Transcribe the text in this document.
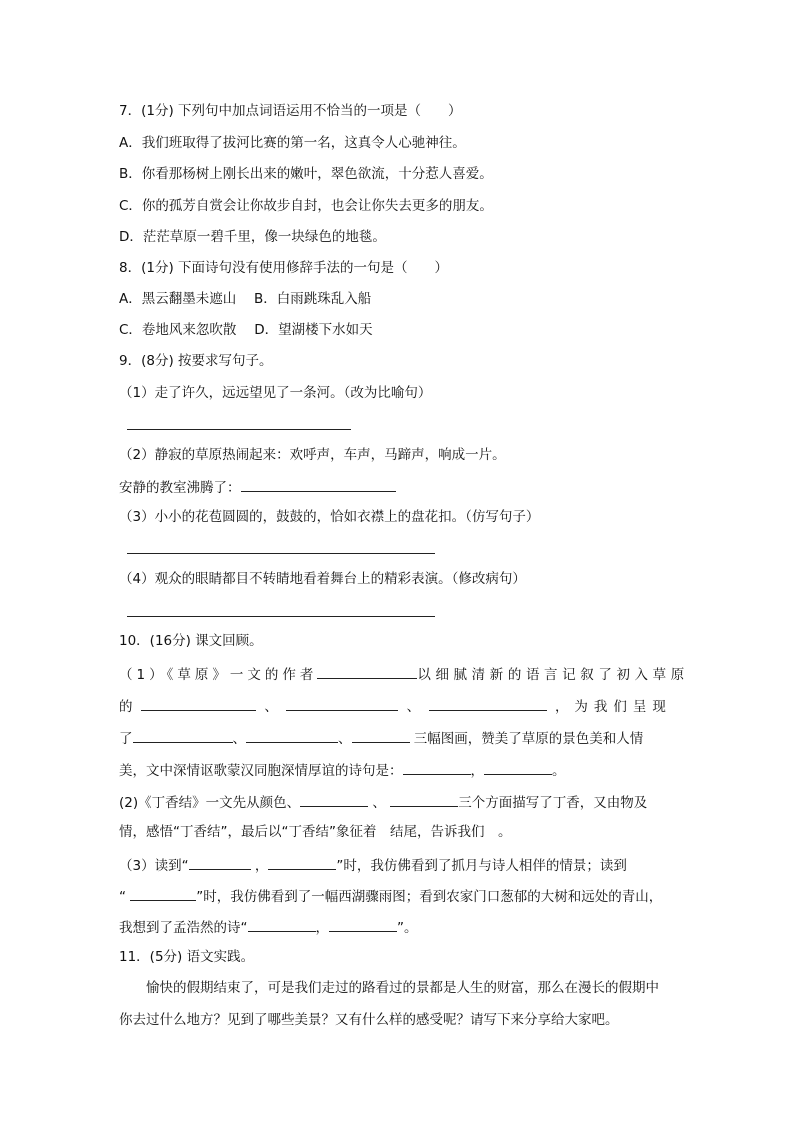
7．(1分) 下列句中加点词语运用不恰当的一项是（　　）
A．我们班取得了拔河比赛的第一名，这真令人心驰神往。
B．你看那杨树上刚长出来的嫩叶，翠色欲流，十分惹人喜爱。
C．你的孤芳自赏会让你故步自封，也会让你失去更多的朋友。
D．茫茫草原一碧千里，像一块绿色的地毯。
8．(1分) 下面诗句没有使用修辞手法的一句是（　　）
A．黑云翻墨未遮山　 B．白雨跳珠乱入船
C．卷地风来忽吹散　 D．望湖楼下水如天
9．(8分) 按要求写句子。
（1）走了许久，远远望见了一条河。（改为比喻句）
（2）静寂的草原热闹起来：欢呼声，车声，马蹄声，响成一片。
安静的教室沸腾了：
（3）小小的花苞圆圆的，鼓鼓的，恰如衣襟上的盘花扣。（仿写句子）
（4）观众的眼睛都目不转睛地看着舞台上的精彩表演。（修改病句）
10．(16分) 课文回顾。
（1）《草原》一文的作者	以细腻清新的语言记叙了初入草原
的	、	、	，为我们呈现
了	、	、	三幅图画，赞美了草原的景色美和人情
美，文中深情讴歌蒙汉同胞深情厚谊的诗句是：	，	。
(2)《丁香结》一文先从颜色、	、	三个方面描写了丁香，又由物及
情，感悟“丁香结”，最后以“丁香结”象征着　结尾，告诉我们　。
（3）读到“	，	”时，我仿佛看到了抓月与诗人相伴的情景；读到
“	”时，我仿佛看到了一幅西湖骤雨图；看到农家门口葱郁的大树和远处的青山，
我想到了孟浩然的诗“	，	”。
11．(5分) 语文实践。
愉快的假期结束了，可是我们走过的路看过的景都是人生的财富，那么在漫长的假期中
你去过什么地方？见到了哪些美景？又有什么样的感受呢？请写下来分享给大家吧。
